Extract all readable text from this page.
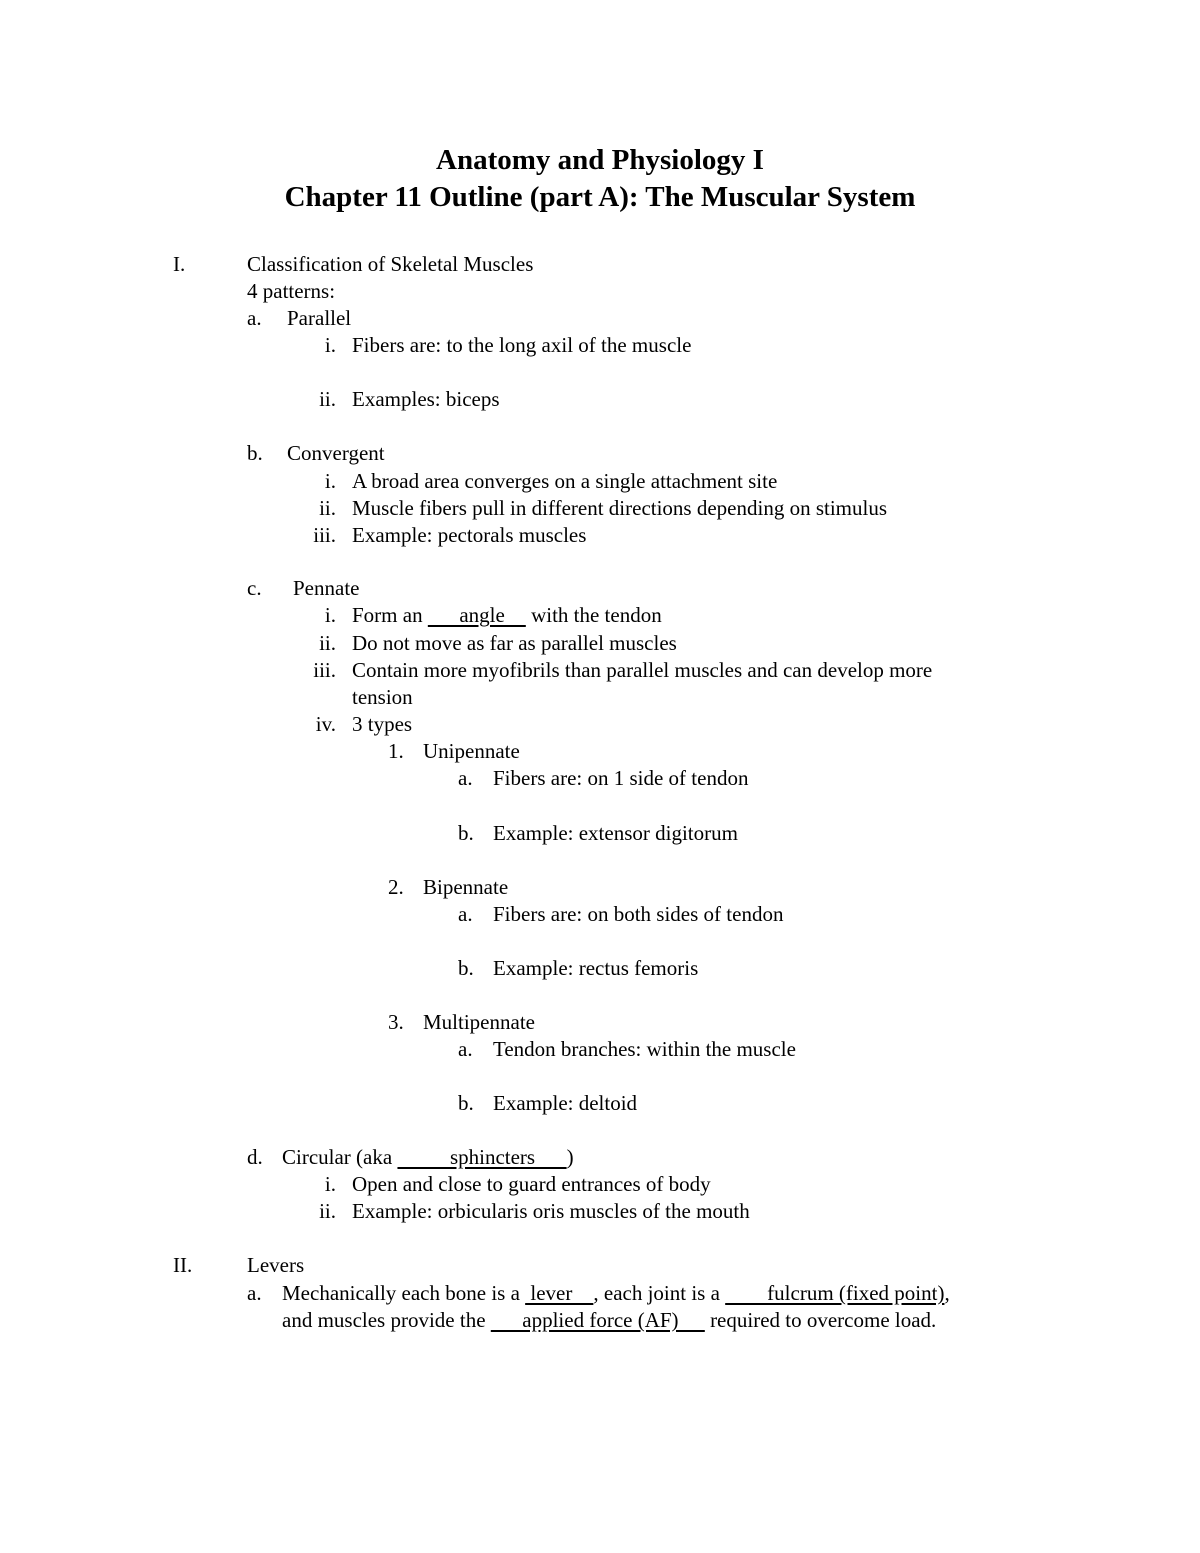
Anatomy and Physiology I
Chapter 11 Outline (part A): The Muscular System
I.	Classification of Skeletal Muscles
4 patterns:
a. Parallel
i. Fibers are: to the long axil of the muscle
ii. Examples: biceps
b. Convergent
i. A broad area converges on a single attachment site
ii. Muscle fibers pull in different directions depending on stimulus
iii. Example: pectorals muscles
c. Pennate
i. Form an       angle     with the tendon
ii. Do not move as far as parallel muscles
iii. Contain more myofibrils than parallel muscles and can develop more
tension
iv. 3 types
1. Unipennate
a. Fibers are: on 1 side of tendon
b. Example: extensor digitorum
2. Bipennate
a. Fibers are: on both sides of tendon
b. Example: rectus femoris
3. Multipennate
a. Tendon branches: within the muscle
b. Example: deltoid
d. Circular (aka           sphincters      )
i. Open and close to guard entrances of body
ii. Example: orbicularis oris muscles of the mouth
II.	Levers
a. Mechanically each bone is a  lever    , each joint is a         fulcrum (fixed point),
and muscles provide the       applied force (AF)      required to overcome load.
